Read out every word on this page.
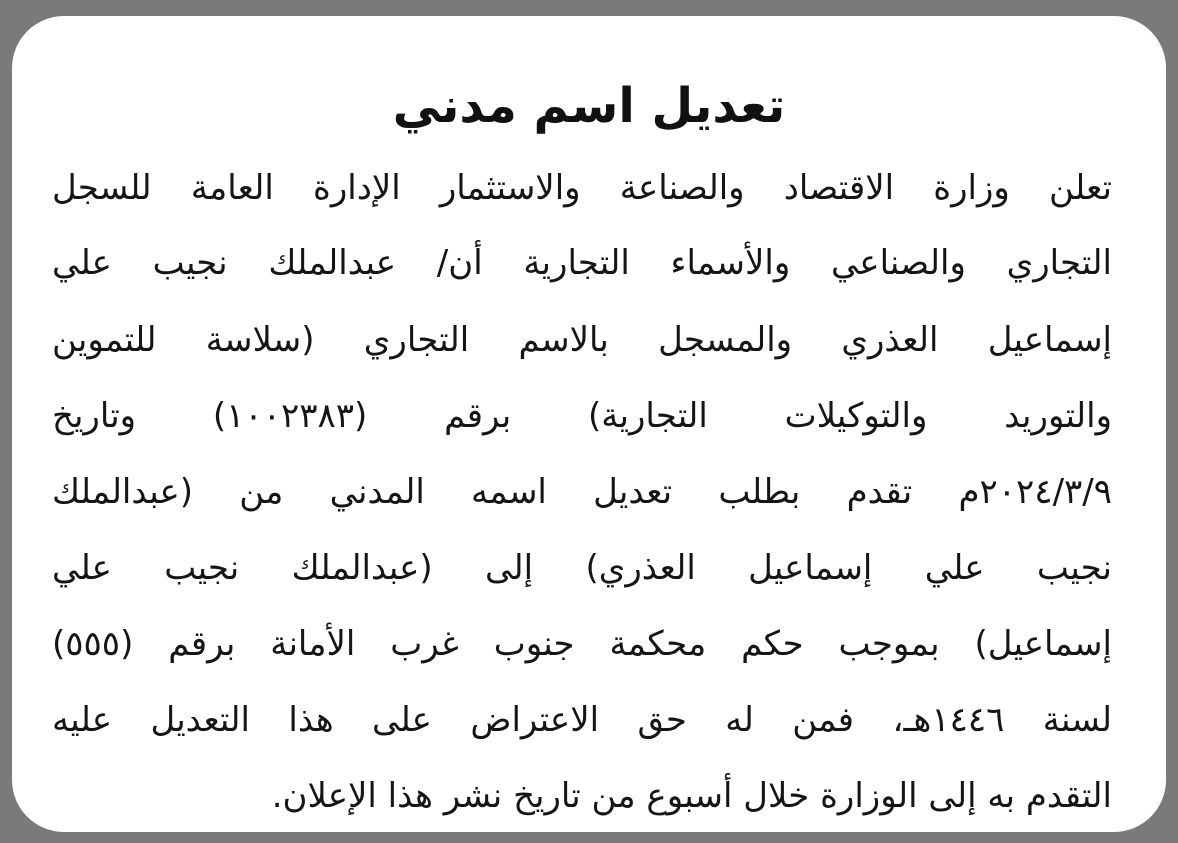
تعديل اسم مدني

تعلن وزارة الاقتصاد والصناعة والاستثمار الإدارة العامة للسجل

التجاري والصناعي والأسماء التجارية أن/ عبدالملك نجيب علي

إسماعيل العذري والمسجل بالاسم التجاري (سلاسة للتموين

والتوريد والتوكيلات التجارية) برقم (١٠٠٢٣٨٣) وتاريخ

٢٠٢٤/٣/٩م تقدم بطلب تعديل اسمه المدني من (عبدالملك

نجيب علي إسماعيل العذري) إلى (عبدالملك نجيب علي

إسماعيل) بموجب حكم محكمة جنوب غرب الأمانة برقم (٥٥٥)

لسنة ١٤٤٦هـ، فمن له حق الاعتراض على هذا التعديل عليه

التقدم به إلى الوزارة خلال أسبوع من تاريخ نشر هذا الإعلان.
